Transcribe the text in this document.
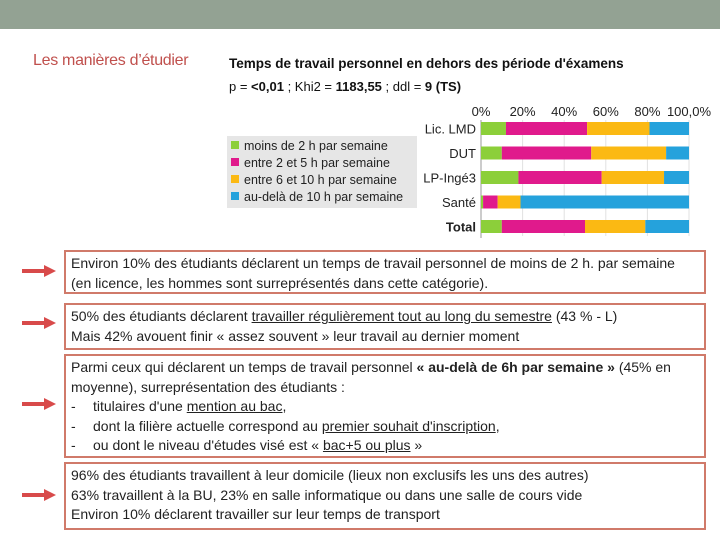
Les manières d’étudier	Temps de travail personnel en dehors des période d'éxamens
p = <0,01 ; Khi2 = 1183,55 ; ddl = 9 (TS)
moins de 2 h par semaine
entre 2 et 5 h par semaine
entre 6 et 10 h par semaine
au-delà de 10 h par semaine
0% 20% 40% 60% 80% 100,0%
Lic. LMD
DUT
LP-Ingé3
Santé
Total
Environ 10% des étudiants déclarent un temps de travail personnel de moins de 2 h. par semaine (en licence, les hommes sont surreprésentés dans cette catégorie).
50% des étudiants déclarent travailler régulièrement tout au long du semestre (43 % - L)
Mais 42% avouent finir « assez souvent » leur travail au dernier moment
Parmi ceux qui déclarent un temps de travail personnel « au-delà de 6h par semaine » (45% en moyenne), surreprésentation des étudiants :
-	titulaires d'une mention au bac,
-	dont la filière actuelle correspond au premier souhait d'inscription,
-	ou dont le niveau d'études visé est « bac+5 ou plus »
96% des étudiants travaillent à leur domicile (lieux non exclusifs les uns des autres)
63% travaillent à la BU, 23% en salle informatique ou dans une salle de cours vide
Environ 10% déclarent travailler sur leur temps de transport
